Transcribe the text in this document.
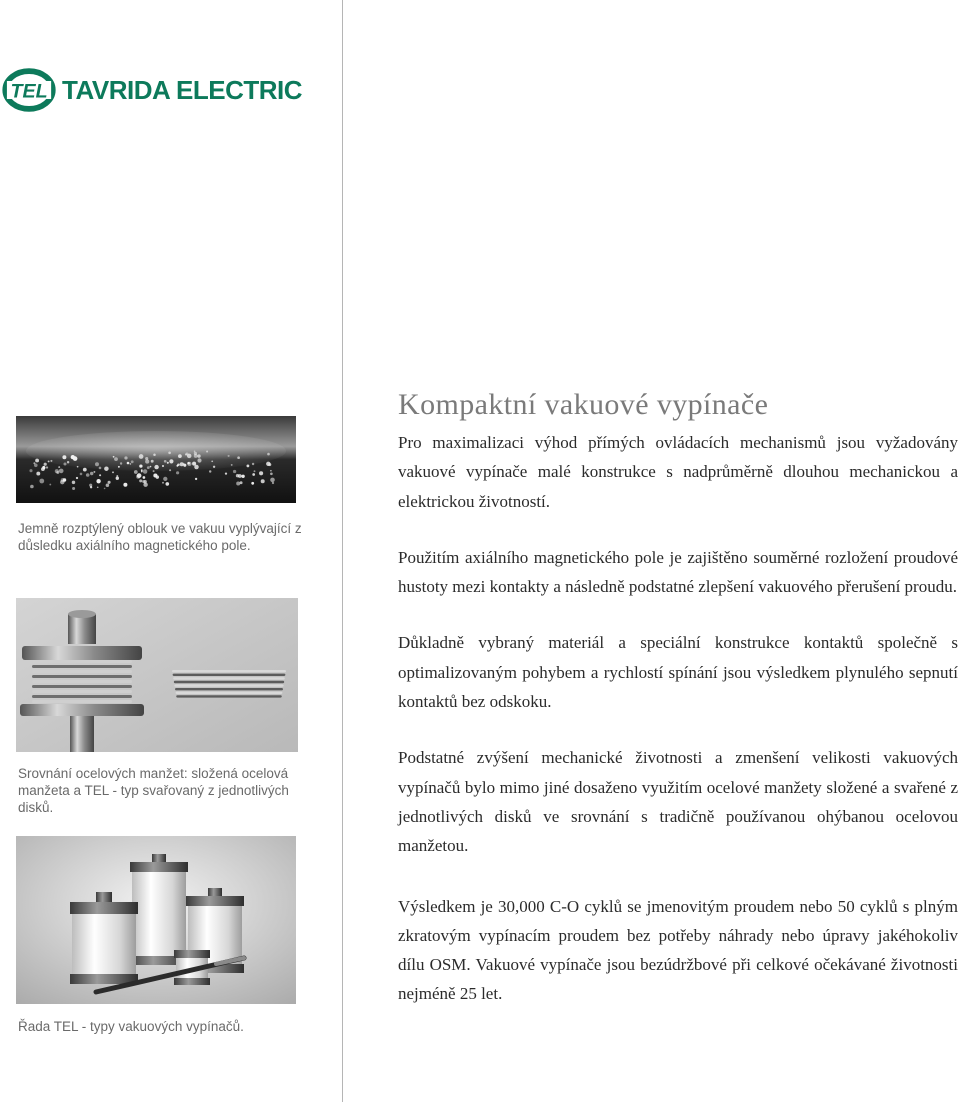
TEL TAVRIDA ELECTRIC
Jemně rozptýlený oblouk ve vakuu vyplývající z důsledku axiálního magnetického pole.
Srovnání ocelových manžet: složená ocelová manžeta a TEL - typ svařovaný z jednotlivých disků.
Řada TEL - typy vakuových vypínačů.
Kompaktní vakuové vypínače

Pro maximalizaci výhod přímých ovládacích mechanismů jsou vyžadovány vakuové vypínače malé konstrukce s nadprůměrně dlouhou mechanickou a elektrickou životností.

Použitím axiálního magnetického pole je zajištěno souměrné rozložení proudové hustoty mezi kontakty a následně podstatné zlepšení vakuového přerušení proudu.

Důkladně vybraný materiál a speciální konstrukce kontaktů společně s optimalizovaným pohybem a rychlostí spínání jsou výsledkem plynulého sepnutí kontaktů bez odskoku.

Podstatné zvýšení mechanické životnosti a zmenšení velikosti vakuových vypínačů bylo mimo jiné dosaženo využitím ocelové manžety složené a svařené z jednotlivých disků ve srovnání s tradičně používanou ohýbanou ocelovou manžetou.

Výsledkem je 30,000 C-O cyklů se jmenovitým proudem nebo 50 cyklů s plným zkratovým vypínacím proudem bez potřeby náhrady nebo úpravy jakéhokoliv dílu OSM. Vakuové vypínače jsou bezúdržbové při celkové očekávané životnosti nejméně 25 let.
